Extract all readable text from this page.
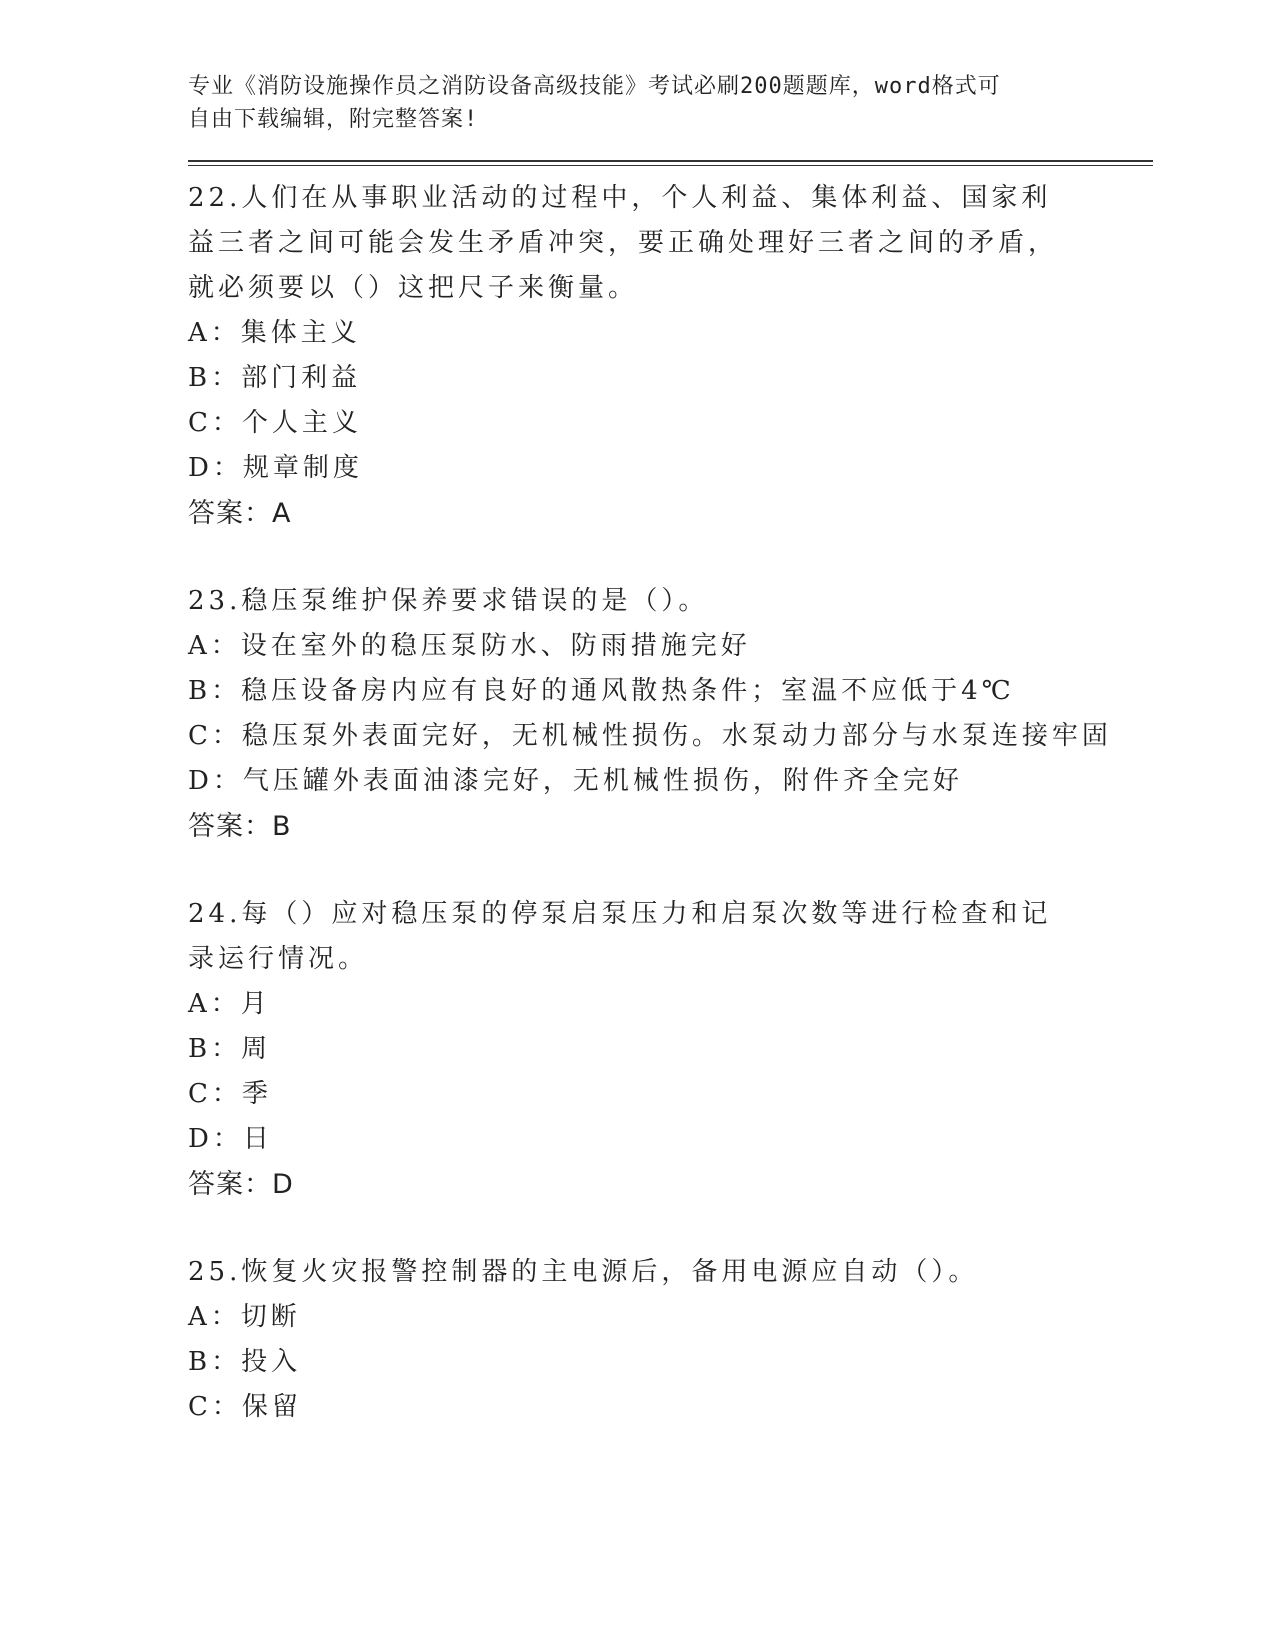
专业《消防设施操作员之消防设备高级技能》考试必刷200题题库，word格式可
自由下载编辑，附完整答案!
22.人们在从事职业活动的过程中，个人利益、集体利益、国家利益三者之间可能会发生矛盾冲突，要正确处理好三者之间的矛盾，就必须要以（）这把尺子来衡量。
A：集体主义
B：部门利益
C：个人主义
D：规章制度
答案：A
23.稳压泵维护保养要求错误的是（）。
A：设在室外的稳压泵防水、防雨措施完好
B：稳压设备房内应有良好的通风散热条件；室温不应低于4℃
C：稳压泵外表面完好，无机械性损伤。水泵动力部分与水泵连接牢固
D：气压罐外表面油漆完好，无机械性损伤，附件齐全完好
答案：B
24.每（）应对稳压泵的停泵启泵压力和启泵次数等进行检查和记录运行情况。
A：月
B：周
C：季
D：日
答案：D
25.恢复火灾报警控制器的主电源后，备用电源应自动（）。
A：切断
B：投入
C：保留
